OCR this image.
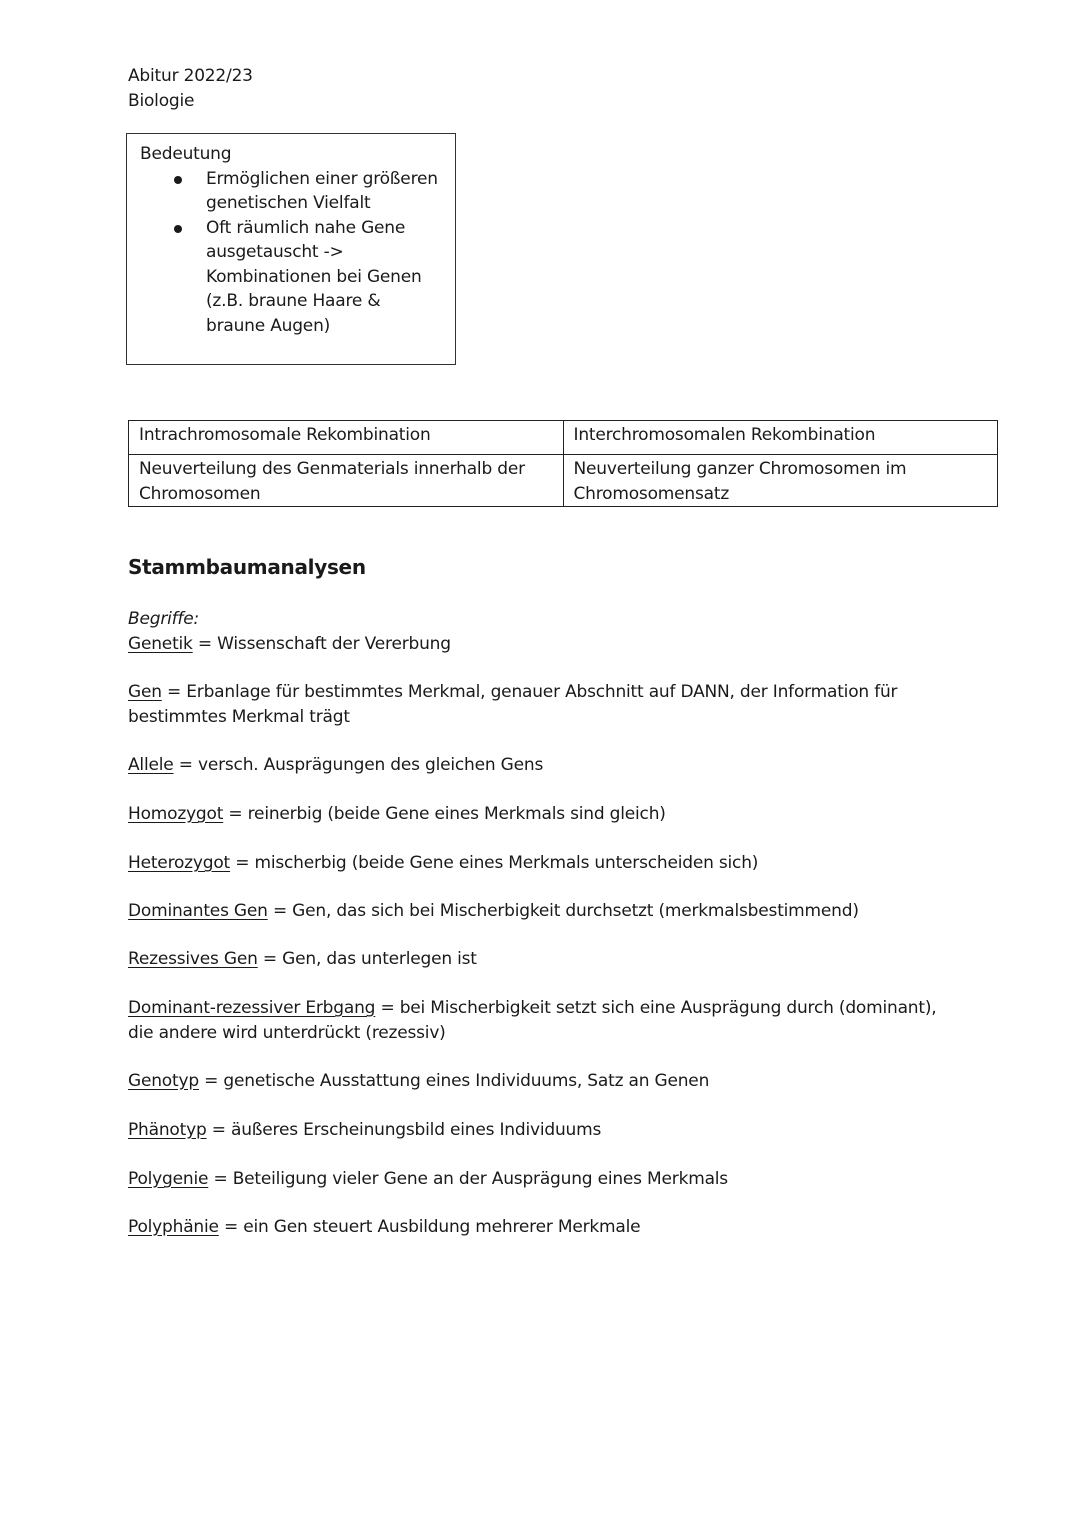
Abitur 2022/23
Biologie
Bedeutung
Ermöglichen einer größeren genetischen Vielfalt
Oft räumlich nahe Gene ausgetauscht -> Kombinationen bei Genen (z.B. braune Haare & braune Augen)
Intrachromosomale Rekombination	Interchromosomalen Rekombination
Neuverteilung des Genmaterials innerhalb der Chromosomen	Neuverteilung ganzer Chromosomen im Chromosomensatz
Stammbaumanalysen
Begriffe:
Genetik = Wissenschaft der Vererbung
Gen = Erbanlage für bestimmtes Merkmal, genauer Abschnitt auf DANN, der Information für bestimmtes Merkmal trägt
Allele = versch. Ausprägungen des gleichen Gens
Homozygot = reinerbig (beide Gene eines Merkmals sind gleich)
Heterozygot = mischerbig (beide Gene eines Merkmals unterscheiden sich)
Dominantes Gen = Gen, das sich bei Mischerbigkeit durchsetzt (merkmalsbestimmend)
Rezessives Gen = Gen, das unterlegen ist
Dominant-rezessiver Erbgang = bei Mischerbigkeit setzt sich eine Ausprägung durch (dominant), die andere wird unterdrückt (rezessiv)
Genotyp = genetische Ausstattung eines Individuums, Satz an Genen
Phänotyp = äußeres Erscheinungsbild eines Individuums
Polygenie = Beteiligung vieler Gene an der Ausprägung eines Merkmals
Polyphänie = ein Gen steuert Ausbildung mehrerer Merkmale
